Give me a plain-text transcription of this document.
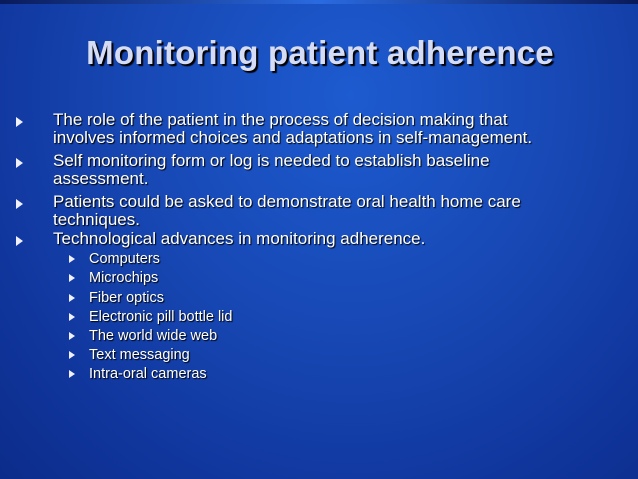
Monitoring patient adherence
The role of the patient in the process of decision making that
involves informed choices and adaptations in self-management.
Self monitoring form or log is needed to establish baseline
assessment.
Patients could be asked to demonstrate oral health home care
techniques.
Technological advances in monitoring adherence.
Computers
Microchips
Fiber optics
Electronic pill bottle lid
The world wide web
Text messaging
Intra-oral cameras
